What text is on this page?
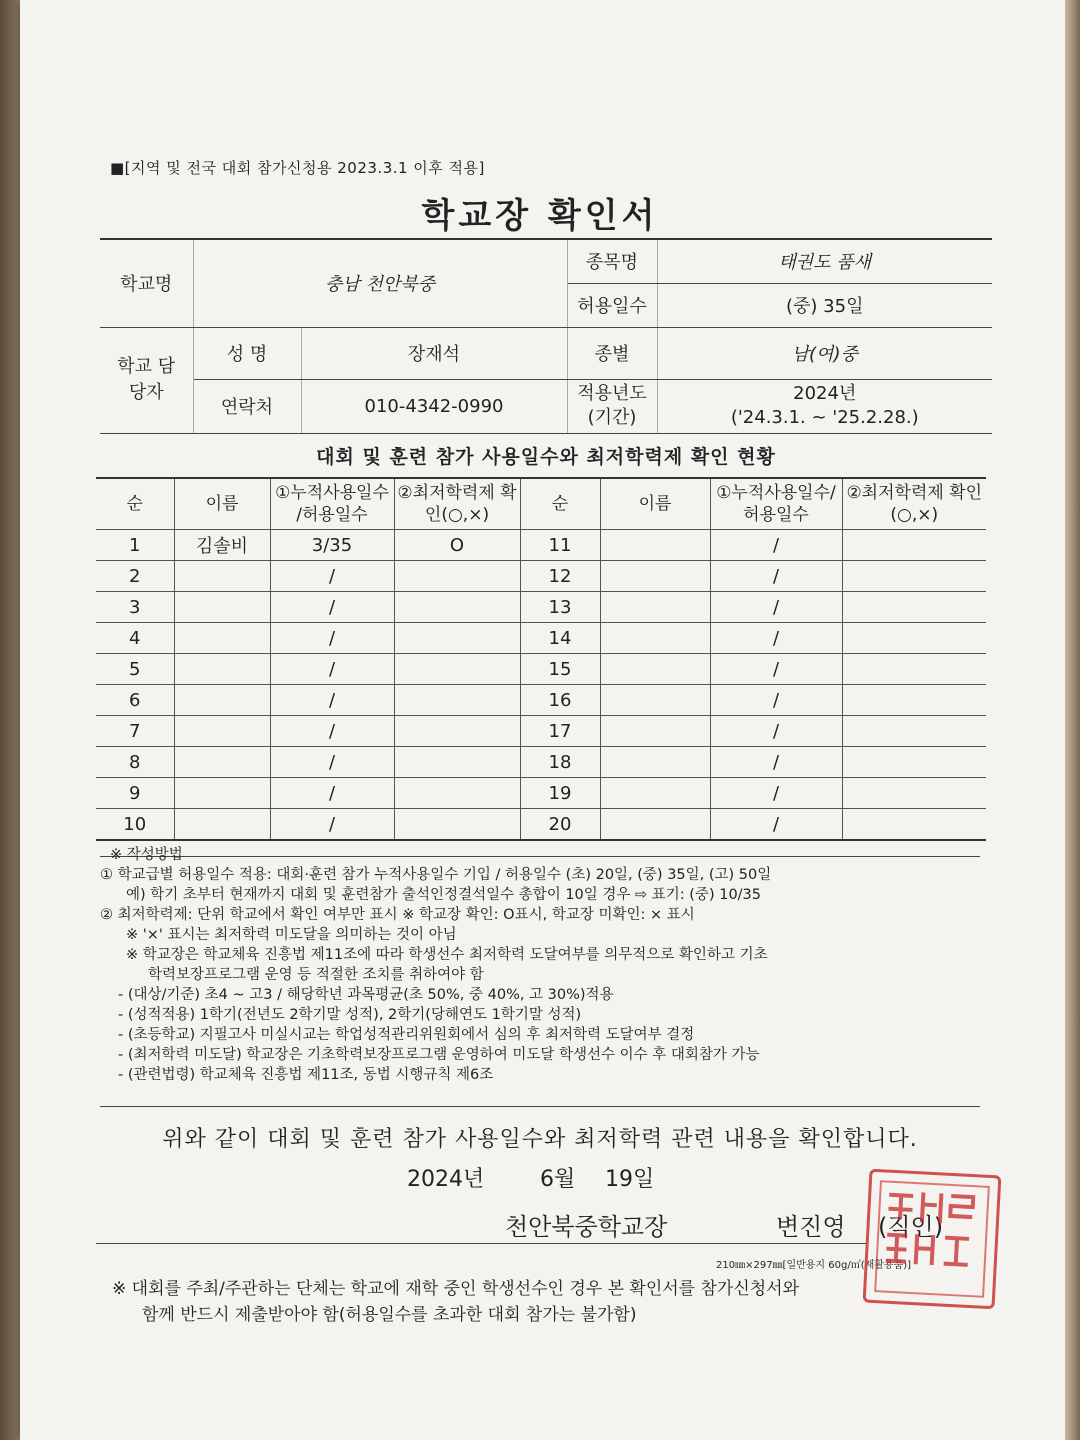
■[지역 및 전국 대회 참가신청용 2023.3.1 이후 적용]
학교장 확인서
학교명	충남 천안북중		종목명	태권도 품새
			허용일수	(중) 35일
학교 담당자	성 명	장재석	종별	남(여)중
	연락처	010-4342-0990	적용년도 (기간)	2024년
('24.3.1. ~ '25.2.28.)
대회 및 훈련 참가 사용일수와 최저학력제 확인 현황
순	이름	①누적사용일수 /허용일수	②최저학력제 확인(○,×)	순	이름	①누적사용일수/ 허용일수	②최저학력제 확인(○,×)
1	김솔비	3/35	O	11		/	
2		/		12		/	
3		/		13		/	
4		/		14		/	
5		/		15		/	
6		/		16		/	
7		/		17		/	
8		/		18		/	
9		/		19		/	
10		/		20		/	
※ 작성방법
① 학교급별 허용일수 적용: 대회·훈련 참가 누적사용일수 기입 / 허용일수 (초) 20일, (중) 35일, (고) 50일
예) 학기 초부터 현재까지 대회 및 훈련참가 출석인정결석일수 총합이 10일 경우 ⇨ 표기: (중) 10/35
② 최저학력제: 단위 학교에서 확인 여부만 표시 ※ 학교장 확인: O표시, 학교장 미확인: × 표시
※ '×' 표시는 최저학력 미도달을 의미하는 것이 아님
※ 학교장은 학교체육 진흥법 제11조에 따라 학생선수 최저학력 도달여부를 의무적으로 확인하고 기초
학력보장프로그램 운영 등 적절한 조치를 취하여야 함
- (대상/기준) 초4 ~ 고3 / 해당학년 과목평균(초 50%, 중 40%, 고 30%)적용
- (성적적용) 1학기(전년도 2학기말 성적), 2학기(당해연도 1학기말 성적)
- (초등학교) 지필고사 미실시교는 학업성적관리위원회에서 심의 후 최저학력 도달여부 결정
- (최저학력 미도달) 학교장은 기초학력보장프로그램 운영하여 미도달 학생선수 이수 후 대회참가 가능
- (관련법령) 학교체육 진흥법 제11조, 동법 시행규칙 제6조
위와 같이 대회 및 훈련 참가 사용일수와 최저학력 관련 내용을 확인합니다.
2024년	6월 19일
천안북중학교장	변진영 (직인)
210㎜×297㎜[일반용지 60g/㎡(재활용품)]
※ 대회를 주최/주관하는 단체는 학교에 재학 중인 학생선수인 경우 본 확인서를 참가신청서와
함께 반드시 제출받아야 함(허용일수를 초과한 대회 참가는 불가함)
